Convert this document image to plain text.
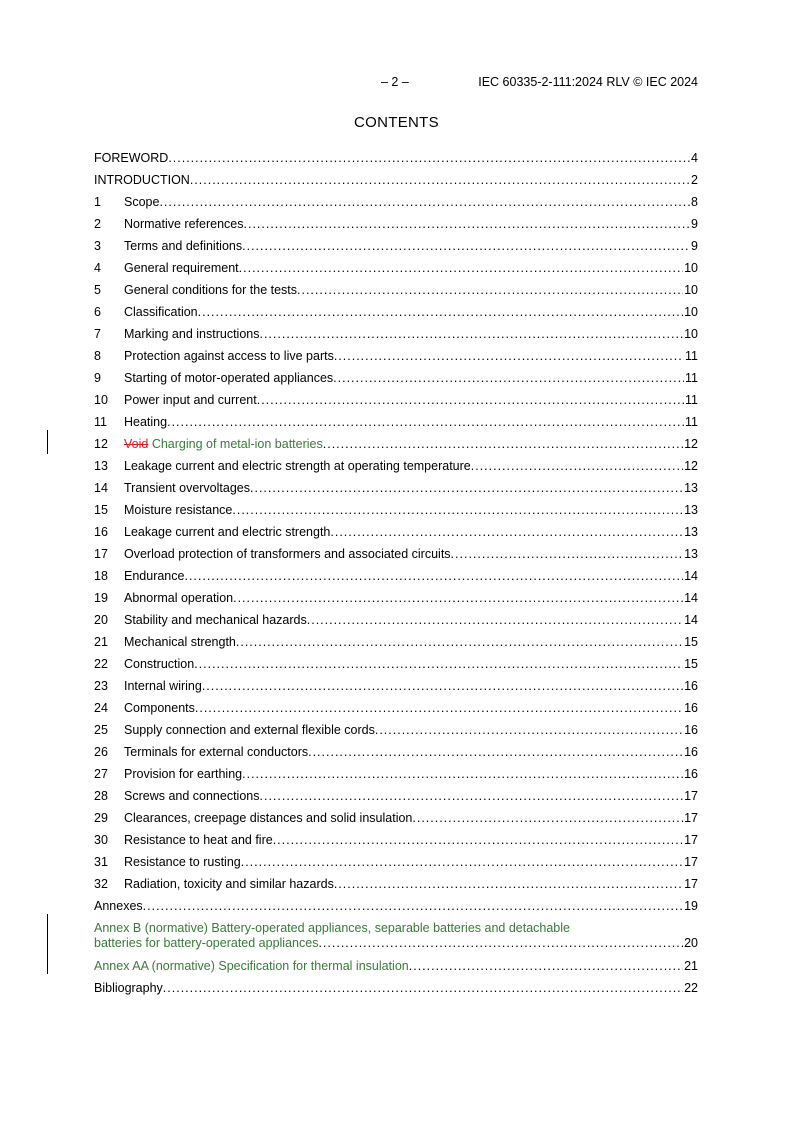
– 2 –	IEC 60335-2-111:2024 RLV © IEC 2024
CONTENTS
FOREWORD .....	4
INTRODUCTION .....	2
1	Scope .....	8
2	Normative references .....	9
3	Terms and definitions .....	9
4	General requirement .....	10
5	General conditions for the tests .....	10
6	Classification .....	10
7	Marking and instructions .....	10
8	Protection against access to live parts .....	11
9	Starting of motor-operated appliances .....	11
10	Power input and current .....	11
11	Heating .....	11
12	Void Charging of metal-ion batteries .....	12
13	Leakage current and electric strength at operating temperature .....	12
14	Transient overvoltages .....	13
15	Moisture resistance .....	13
16	Leakage current and electric strength .....	13
17	Overload protection of transformers and associated circuits .....	13
18	Endurance .....	14
19	Abnormal operation .....	14
20	Stability and mechanical hazards .....	14
21	Mechanical strength .....	15
22	Construction .....	15
23	Internal wiring .....	16
24	Components .....	16
25	Supply connection and external flexible cords .....	16
26	Terminals for external conductors .....	16
27	Provision for earthing .....	16
28	Screws and connections .....	17
29	Clearances, creepage distances and solid insulation .....	17
30	Resistance to heat and fire .....	17
31	Resistance to rusting .....	17
32	Radiation, toxicity and similar hazards .....	17
Annexes .....	19
Annex B (normative) Battery-operated appliances, separable batteries and detachable
batteries for battery-operated appliances .....	20
Annex AA (normative) Specification for thermal insulation .....	21
Bibliography .....	22
